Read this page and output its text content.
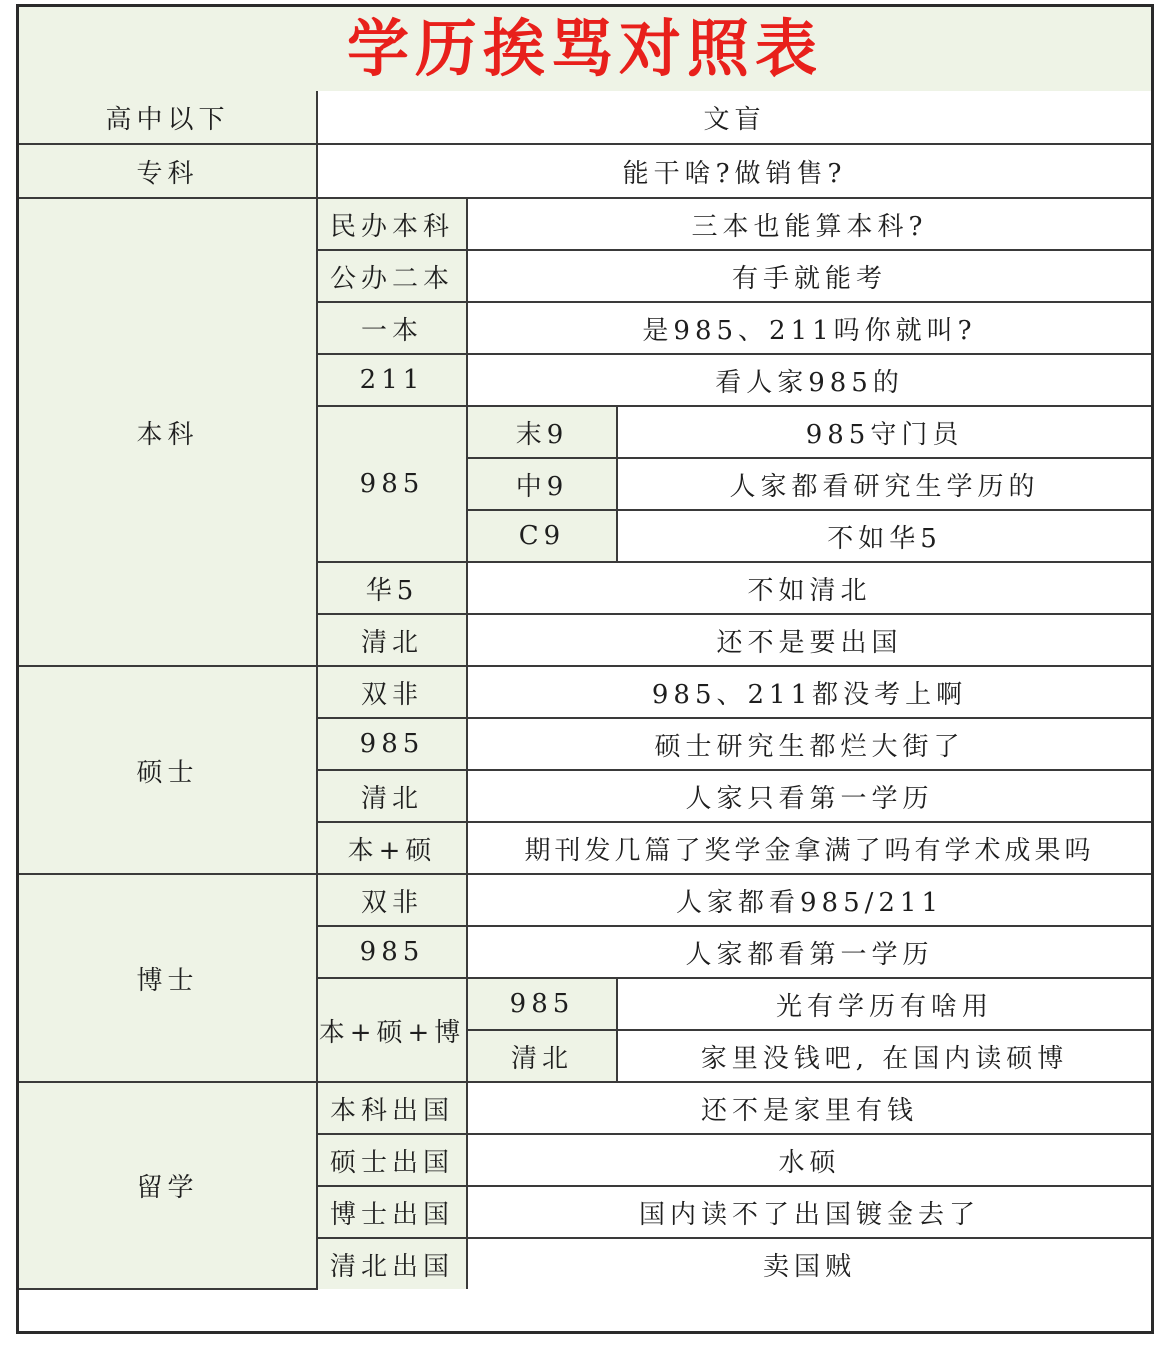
学历挨骂对照表
高中以下	文盲		
专科	能干啥?做销售?		
本科	民办本科	三本也能算本科?	
	公办二本	有手就能考	
	一本	是985、211吗你就叫?	
	211	看人家985的	
	985	末9	985守门员
		中9	人家都看研究生学历的
		C9	不如华5
	华5	不如清北	
	清北	还不是要出国	
硕士	双非	985、211都没考上啊	
	985	硕士研究生都烂大街了	
	清北	人家只看第一学历	
	本+硕	期刊发几篇了奖学金拿满了吗有学术成果吗	
博士	双非	人家都看985/211	
	985	人家都看第一学历	
	本+硕+博	985	光有学历有啥用
		清北	家里没钱吧, 在国内读硕博
留学	本科出国	还不是家里有钱	
	硕士出国	水硕	
	博士出国	国内读不了出国镀金去了	
	清北出国	卖国贼	
